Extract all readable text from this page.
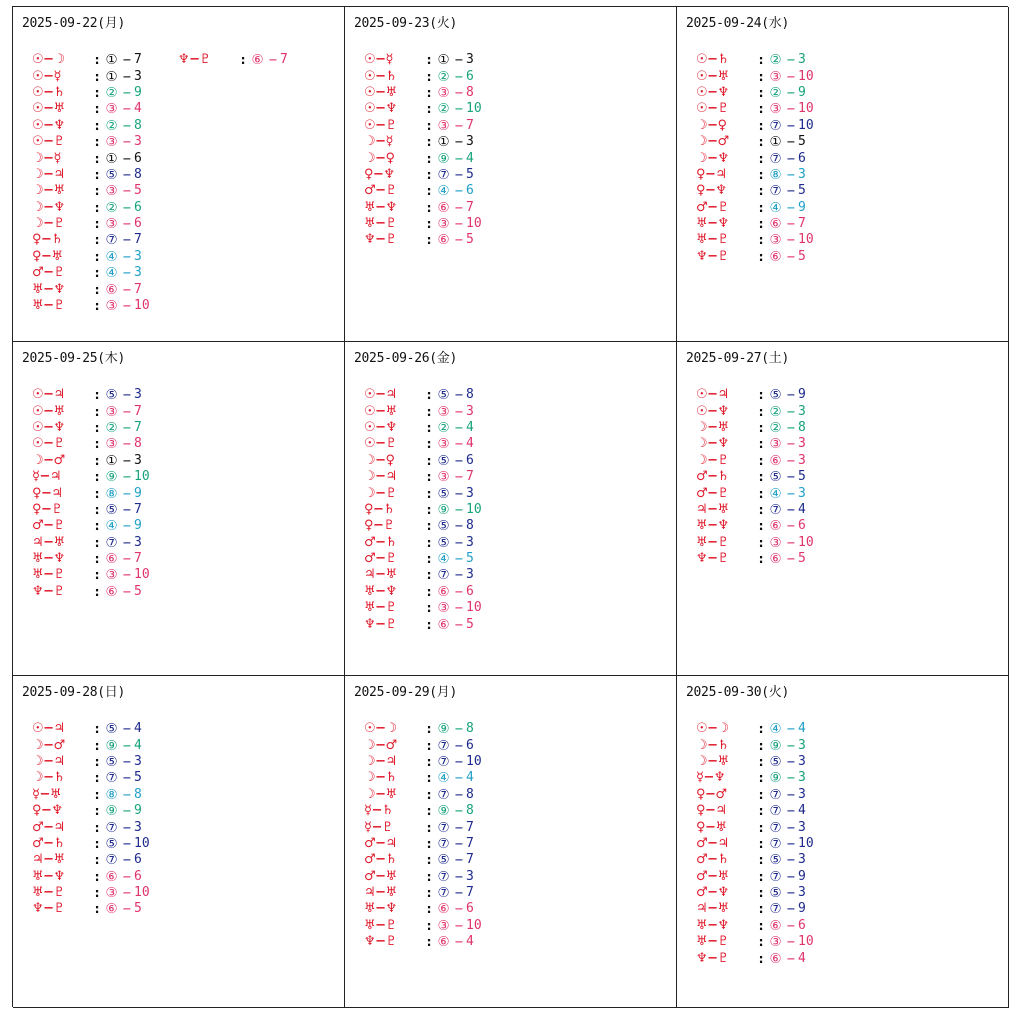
2025-09-22(月)
☉−☽	: ① − 7
☉−☿	: ① − 3
☉−♄	: ② − 9
☉−♅	: ③ − 4
☉−♆	: ② − 8
☉−♇	: ③ − 3
☽−☿	: ① − 6
☽−♃	: ⑤ − 8
☽−♅	: ③ − 5
☽−♆	: ② − 6
☽−♇	: ③ − 6
♀−♄	: ⑦ − 7
♀−♅	: ④ − 3
♂−♇	: ④ − 3
♅−♆	: ⑥ − 7
♅−♇	: ③ − 10
♆−♇	: ⑥ − 7
2025-09-23(火)
☉−☿	: ① − 3
☉−♄	: ② − 6
☉−♅	: ③ − 8
☉−♆	: ② − 10
☉−♇	: ③ − 7
☽−☿	: ① − 3
☽−♀	: ⑨ − 4
♀−♆	: ⑦ − 5
♂−♇	: ④ − 6
♅−♆	: ⑥ − 7
♅−♇	: ③ − 10
♆−♇	: ⑥ − 5
2025-09-24(水)
☉−♄	: ② − 3
☉−♅	: ③ − 10
☉−♆	: ② − 9
☉−♇	: ③ − 10
☽−♀	: ⑦ − 10
☽−♂	: ① − 5
☽−♆	: ⑦ − 6
♀−♃	: ⑧ − 3
♀−♆	: ⑦ − 5
♂−♇	: ④ − 9
♅−♆	: ⑥ − 7
♅−♇	: ③ − 10
♆−♇	: ⑥ − 5
2025-09-25(木)
☉−♃	: ⑤ − 3
☉−♅	: ③ − 7
☉−♆	: ② − 7
☉−♇	: ③ − 8
☽−♂	: ① − 3
☿−♃	: ⑨ − 10
♀−♃	: ⑧ − 9
♀−♇	: ⑤ − 7
♂−♇	: ④ − 9
♃−♅	: ⑦ − 3
♅−♆	: ⑥ − 7
♅−♇	: ③ − 10
♆−♇	: ⑥ − 5
2025-09-26(金)
☉−♃	: ⑤ − 8
☉−♅	: ③ − 3
☉−♆	: ② − 4
☉−♇	: ③ − 4
☽−♀	: ⑤ − 6
☽−♃	: ③ − 7
☽−♇	: ⑤ − 3
♀−♄	: ⑨ − 10
♀−♇	: ⑤ − 8
♂−♄	: ⑤ − 3
♂−♇	: ④ − 5
♃−♅	: ⑦ − 3
♅−♆	: ⑥ − 6
♅−♇	: ③ − 10
♆−♇	: ⑥ − 5
2025-09-27(土)
☉−♃	: ⑤ − 9
☉−♆	: ② − 3
☽−♅	: ② − 8
☽−♆	: ③ − 3
☽−♇	: ⑥ − 3
♂−♄	: ⑤ − 5
♂−♇	: ④ − 3
♃−♅	: ⑦ − 4
♅−♆	: ⑥ − 6
♅−♇	: ③ − 10
♆−♇	: ⑥ − 5
2025-09-28(日)
☉−♃	: ⑤ − 4
☽−♂	: ⑨ − 4
☽−♃	: ⑤ − 3
☽−♄	: ⑦ − 5
☿−♅	: ⑧ − 8
♀−♆	: ⑨ − 9
♂−♃	: ⑦ − 3
♂−♄	: ⑤ − 10
♃−♅	: ⑦ − 6
♅−♆	: ⑥ − 6
♅−♇	: ③ − 10
♆−♇	: ⑥ − 5
2025-09-29(月)
☉−☽	: ⑨ − 8
☽−♂	: ⑦ − 6
☽−♃	: ⑦ − 10
☽−♄	: ④ − 4
☽−♅	: ⑦ − 8
☿−♄	: ⑨ − 8
☿−♇	: ⑦ − 7
♂−♃	: ⑦ − 7
♂−♄	: ⑤ − 7
♂−♅	: ⑦ − 3
♃−♅	: ⑦ − 7
♅−♆	: ⑥ − 6
♅−♇	: ③ − 10
♆−♇	: ⑥ − 4
2025-09-30(火)
☉−☽	: ④ − 4
☽−♄	: ⑨ − 3
☽−♅	: ⑤ − 3
☿−♆	: ⑨ − 3
♀−♂	: ⑦ − 3
♀−♃	: ⑦ − 4
♀−♅	: ⑦ − 3
♂−♃	: ⑦ − 10
♂−♄	: ⑤ − 3
♂−♅	: ⑦ − 9
♂−♆	: ⑤ − 3
♃−♅	: ⑦ − 9
♅−♆	: ⑥ − 6
♅−♇	: ③ − 10
♆−♇	: ⑥ − 4
